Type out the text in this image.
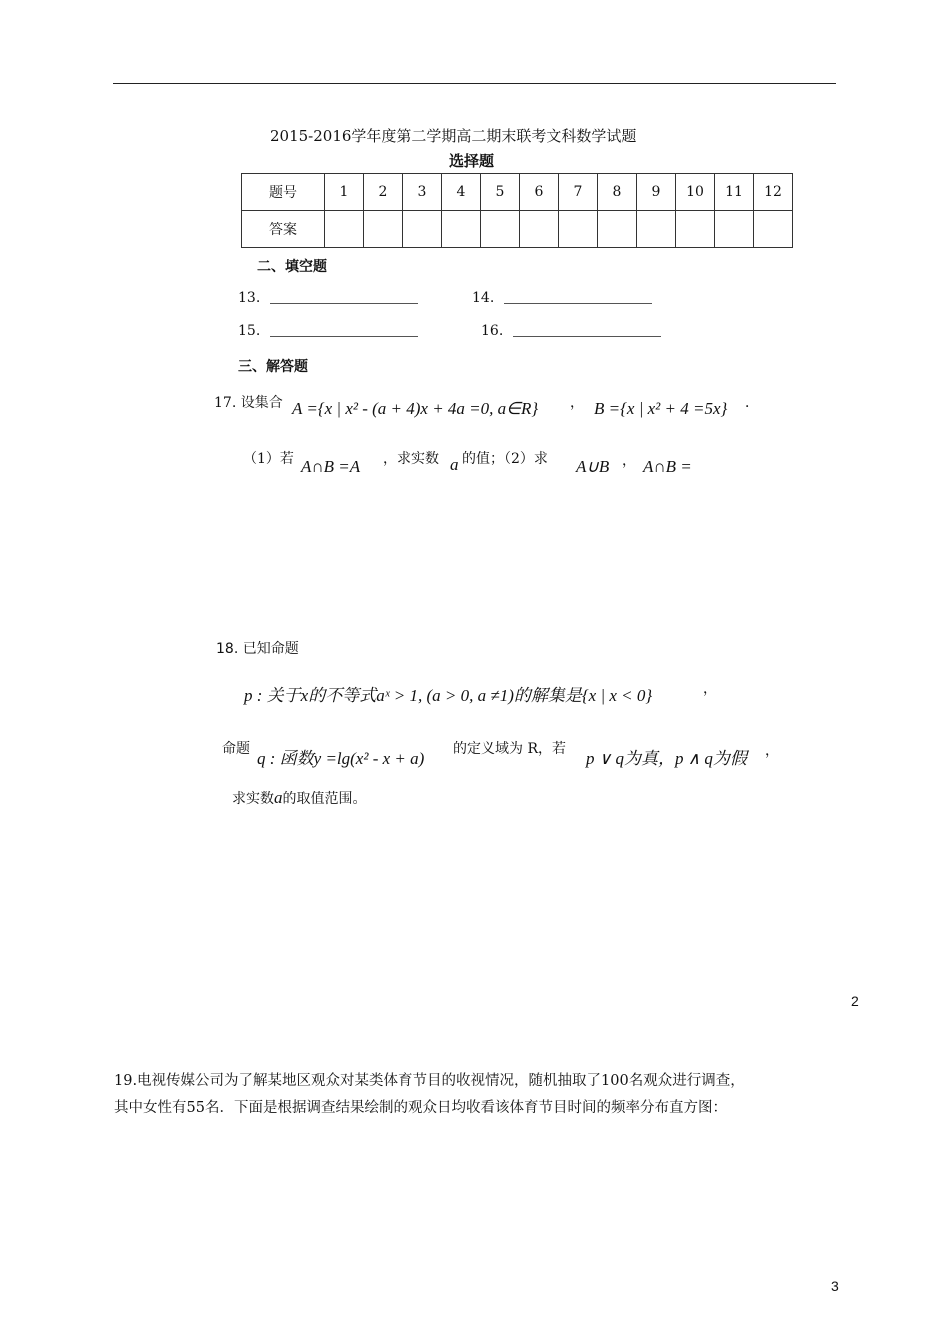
2015-2016学年度第二学期高二期末联考文科数学试题
选择题
题号	1	2	3	4	5	6	7	8	9	10	11	12
答案												
二、填空题
13.	14.
15.	16.
三、解答题
17. 设集合 A ={x | x² - (a + 4)x + 4a =0, a∈R} ， B ={x | x² + 4 =5x} ．
（1）若 A∩B =A ，求实数 a 的值；（2）求 A∪B ， A∩B =
18. 已知命题
p : 关于x的不等式aˣ > 1, (a > 0, a ≠1)的解集是{x | x < 0}	，
命题 q : 函数y =lg(x² - x + a) 的定义域为 R，若 p ∨ q为真，p ∧ q为假 ，
求实数a的取值范围。
2
19.电视传媒公司为了解某地区观众对某类体育节目的收视情况，随机抽取了100名观众进行调查，
其中女性有55名．下面是根据调查结果绘制的观众日均收看该体育节目时间的频率分布直方图：
3
